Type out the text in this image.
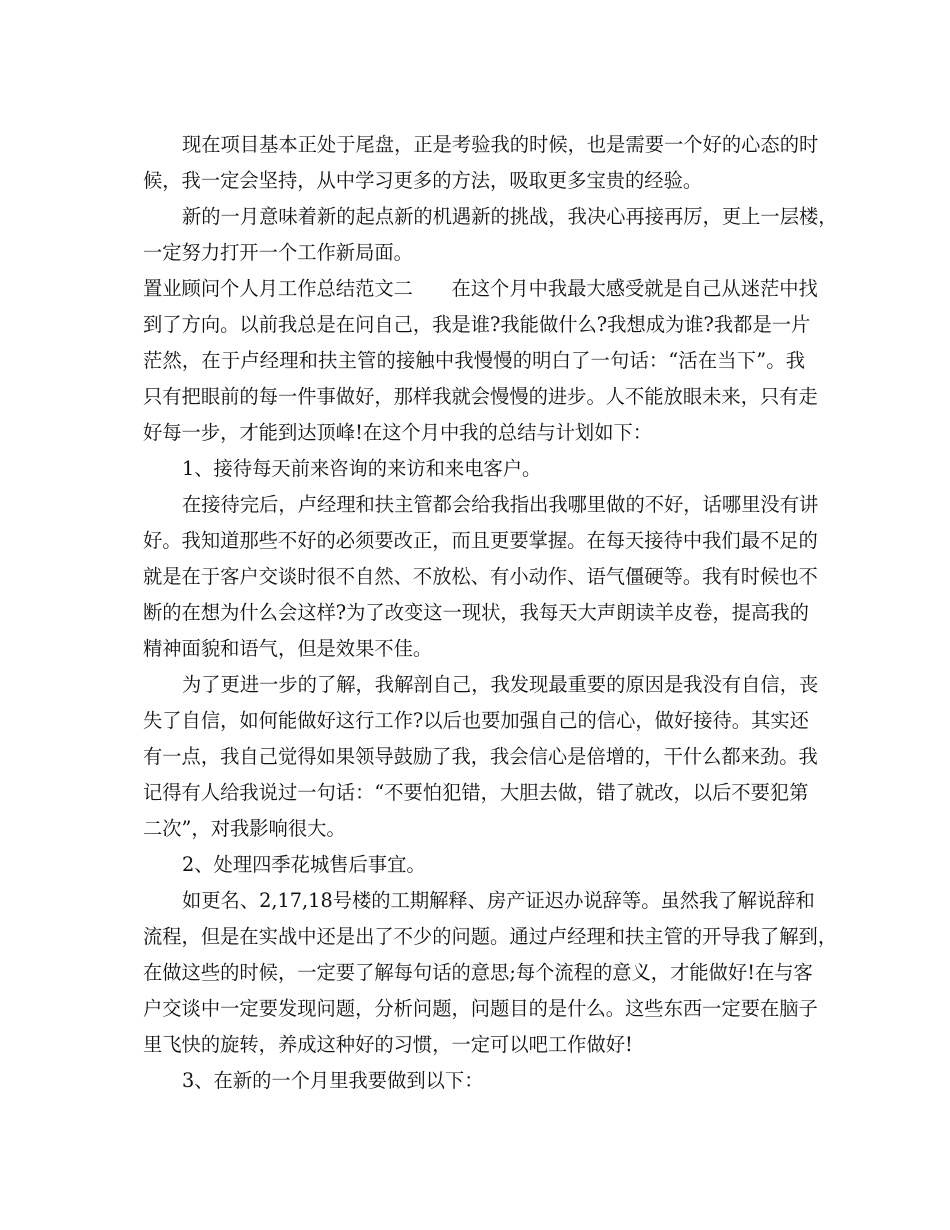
现在项目基本正处于尾盘，正是考验我的时候，也是需要一个好的心态的时
候，我一定会坚持，从中学习更多的方法，吸取更多宝贵的经验。
新的一月意味着新的起点新的机遇新的挑战，我决心再接再厉，更上一层楼，
一定努力打开一个工作新局面。
置业顾问个人月工作总结范文二　　在这个月中我最大感受就是自己从迷茫中找
到了方向。以前我总是在问自己，我是谁?我能做什么?我想成为谁?我都是一片
茫然，在于卢经理和扶主管的接触中我慢慢的明白了一句话：“活在当下”。我
只有把眼前的每一件事做好，那样我就会慢慢的进步。人不能放眼未来，只有走
好每一步，才能到达顶峰!在这个月中我的总结与计划如下：
1、接待每天前来咨询的来访和来电客户。
在接待完后，卢经理和扶主管都会给我指出我哪里做的不好，话哪里没有讲
好。我知道那些不好的必须要改正，而且更要掌握。在每天接待中我们最不足的
就是在于客户交谈时很不自然、不放松、有小动作、语气僵硬等。我有时候也不
断的在想为什么会这样?为了改变这一现状，我每天大声朗读羊皮卷，提高我的
精神面貌和语气，但是效果不佳。
为了更进一步的了解，我解剖自己，我发现最重要的原因是我没有自信，丧
失了自信，如何能做好这行工作?以后也要加强自己的信心，做好接待。其实还
有一点，我自己觉得如果领导鼓励了我，我会信心是倍增的，干什么都来劲。我
记得有人给我说过一句话：“不要怕犯错，大胆去做，错了就改，以后不要犯第
二次”，对我影响很大。
2、处理四季花城售后事宜。
如更名、2,17,18号楼的工期解释、房产证迟办说辞等。虽然我了解说辞和
流程，但是在实战中还是出了不少的问题。通过卢经理和扶主管的开导我了解到，
在做这些的时候，一定要了解每句话的意思;每个流程的意义，才能做好!在与客
户交谈中一定要发现问题，分析问题，问题目的是什么。这些东西一定要在脑子
里飞快的旋转，养成这种好的习惯，一定可以吧工作做好!
3、在新的一个月里我要做到以下：
